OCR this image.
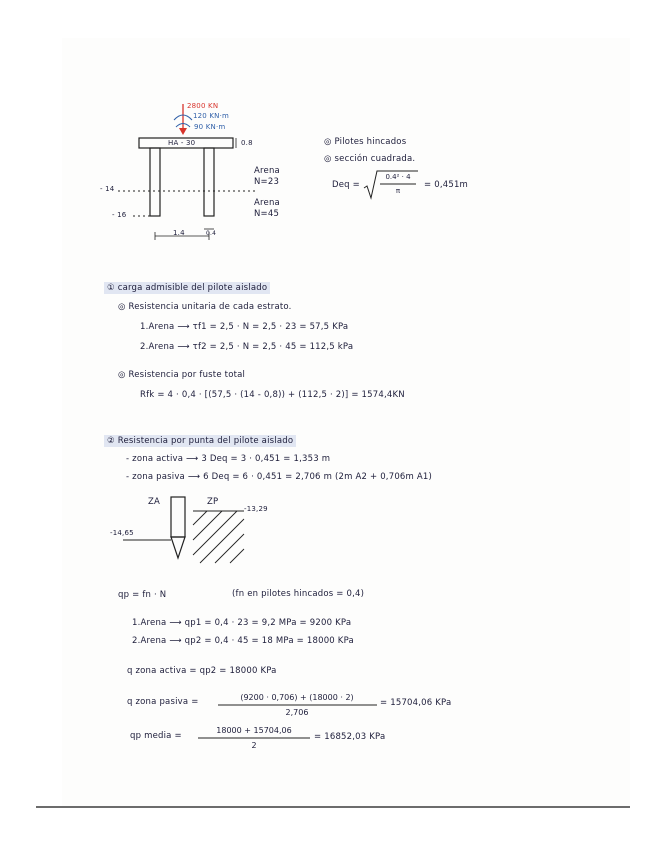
2800 KN
120 KN·m
90 KN·m
HA - 30	0.8
Arena
N=23
Arena
N=45
- 14
- 16
1.4	0.4
◎ Pilotes hincados
◎ sección cuadrada.
Deq =
0.4² · 4
π
= 0,451m
① carga admisible del pilote aislado
◎ Resistencia unitaria de cada estrato.
1.Arena ⟶ τf1 = 2,5 · N = 2,5 · 23 = 57,5 KPa
2.Arena ⟶ τf2 = 2,5 · N = 2,5 · 45 = 112,5 kPa
◎ Resistencia por fuste total
Rfk = 4 · 0,4 · [(57,5 · (14 - 0,8)) + (112,5 · 2)] = 1574,4KN
② Resistencia por punta del pilote aislado
- zona activa ⟶ 3 Deq = 3 · 0,451 = 1,353 m
- zona pasiva ⟶ 6 Deq = 6 · 0,451 = 2,706 m (2m A2 + 0,706m A1)
ZA	ZP
-13,29
-14,65
qp = fn · N	(fn en pilotes hincados = 0,4)
1.Arena ⟶ qp1 = 0,4 · 23 = 9,2 MPa = 9200 KPa
2.Arena ⟶ qp2 = 0,4 · 45 = 18 MPa = 18000 KPa
q zona activa = qp2 = 18000 KPa
q zona pasiva =	(9200 · 0,706) + (18000 · 2)
2,706
= 15704,06 KPa
qp media =
18000 + 15704,06
2
= 16852,03 KPa
